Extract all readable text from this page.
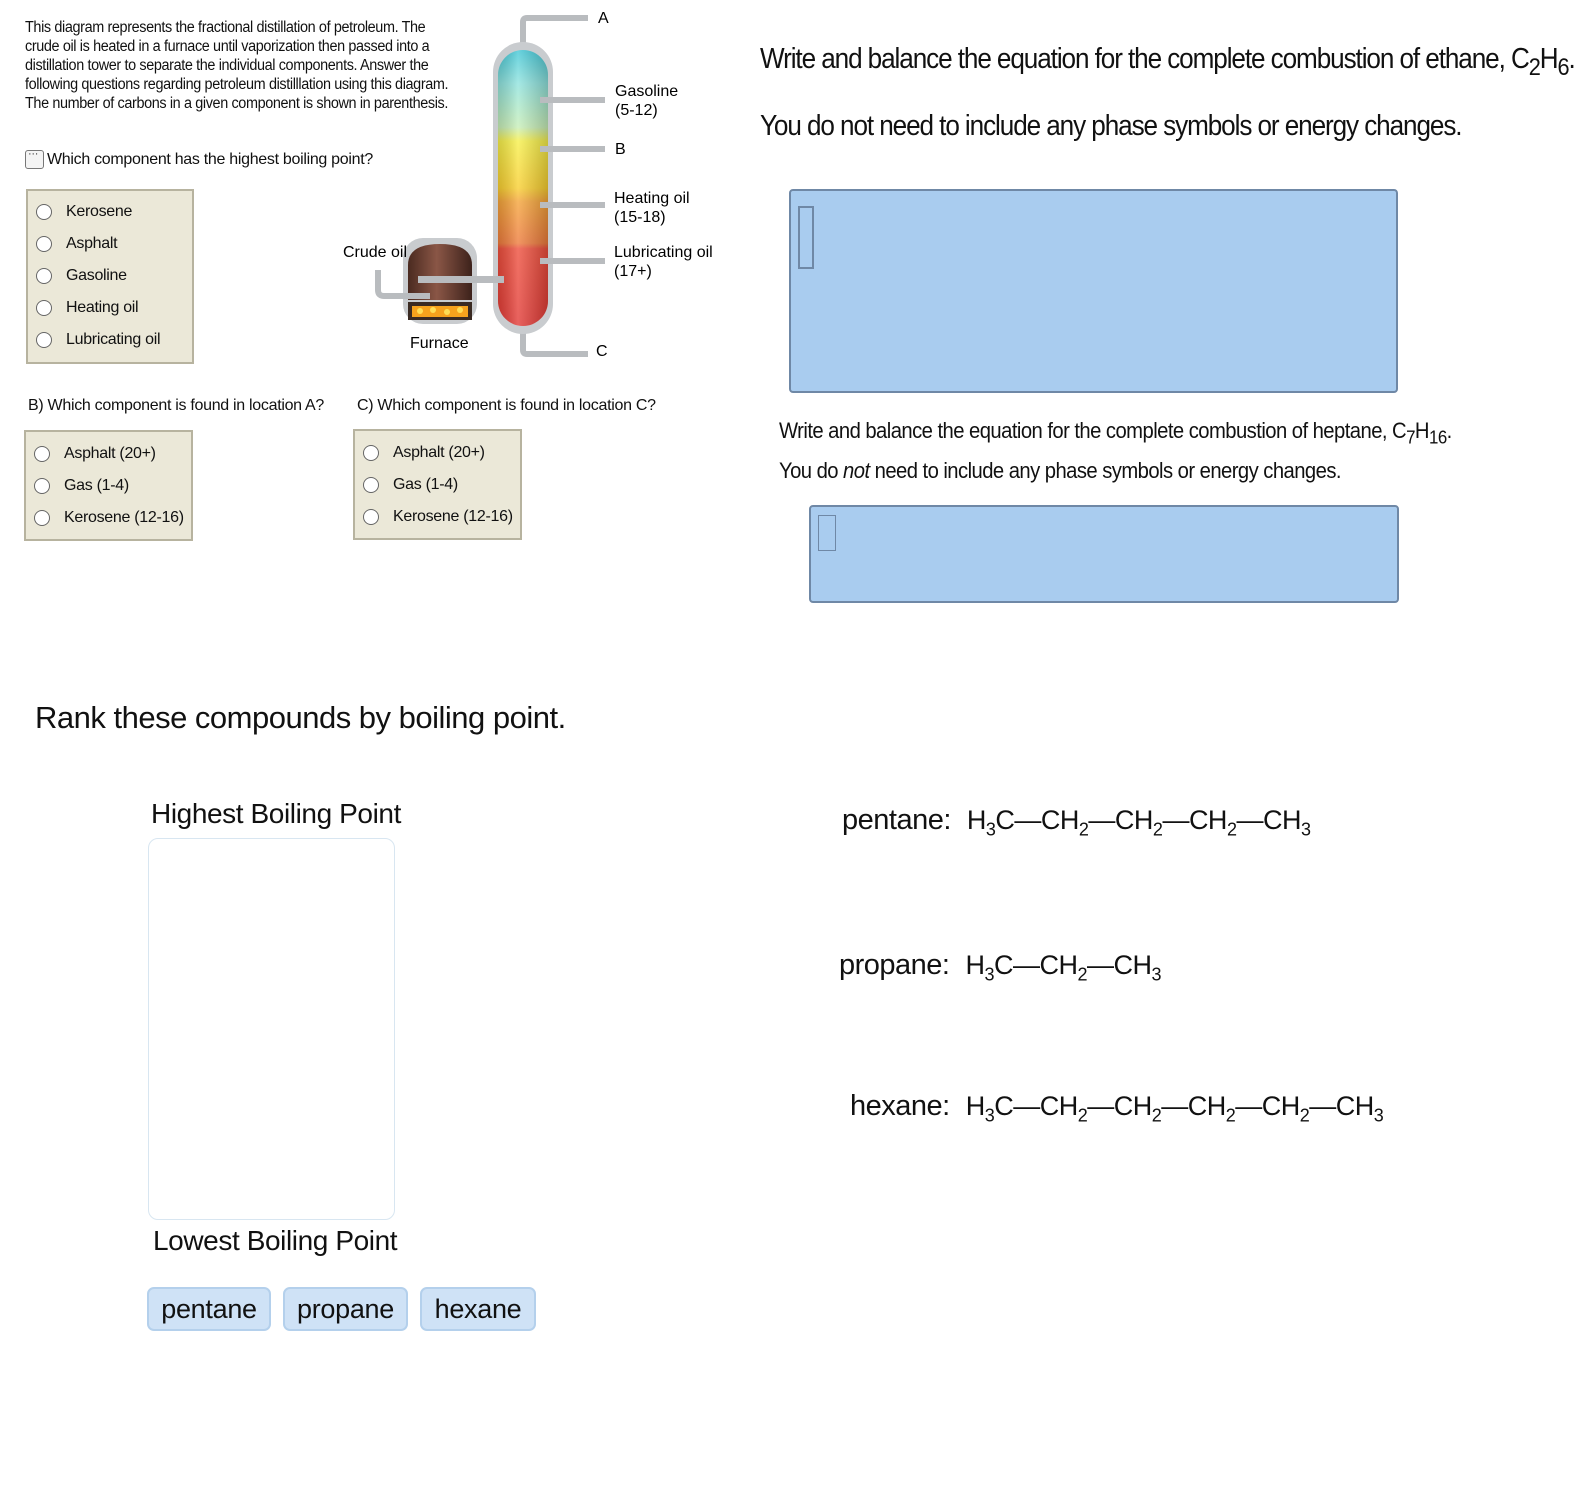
This diagram represents the fractional distillation of petroleum. The crude oil is heated in a furnace until vaporization then passed into a distillation tower to separate the individual components. Answer the following questions regarding petroleum distilllation using this diagram. The number of carbons in a given component is shown in parenthesis.
···
Which component has the highest boiling point?
Kerosene
Asphalt
Gasoline
Heating oil
Lubricating oil
B) Which component is found in location A?
Asphalt (20+)
Gas (1-4)
Kerosene (12-16)
C) Which component is found in location C?
Asphalt (20+)
Gas (1-4)
Kerosene (12-16)
A
Gasoline
(5-12)
B
Heating oil
(15-18)
Lubricating oil
(17+)
Crude oil
Furnace	C
Write and balance the equation for the complete combustion of ethane, $C_2H_6$.
You do not need to include any phase symbols or energy changes.
Write and balance the equation for the complete combustion of heptane, $C_7H_{16}$.
You do not need to include any phase symbols or energy changes.
Rank these compounds by boiling point.
Highest Boiling Point
Lowest Boiling Point
pentane	propane	hexane
pentane: $H_3C—CH_2—CH_2—CH_2—CH_3$
propane: $H_3C—CH_2—CH_3$
hexane: $H_3C—CH_2—CH_2—CH_2—CH_2—CH_3$
